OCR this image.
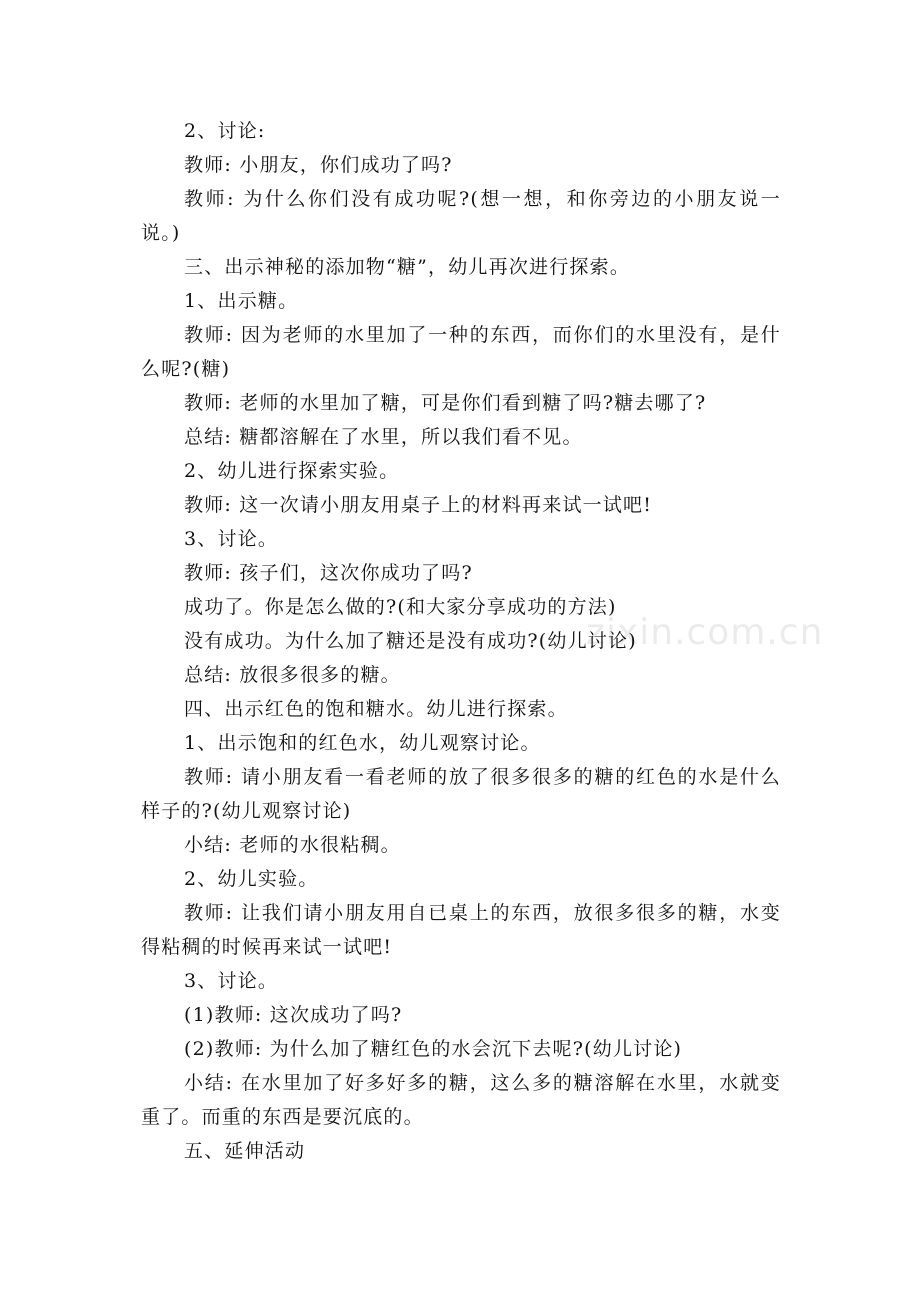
2、讨论:

教师: 小朋友，你们成功了吗?

教师: 为什么你们没有成功呢?(想一想，和你旁边的小朋友说一说。)

三、出示神秘的添加物“糖”，幼儿再次进行探索。

1、出示糖。

教师: 因为老师的水里加了一种的东西，而你们的水里没有，是什么呢?(糖)

教师: 老师的水里加了糖，可是你们看到糖了吗?糖去哪了?

总结: 糖都溶解在了水里，所以我们看不见。

2、幼儿进行探索实验。

教师: 这一次请小朋友用桌子上的材料再来试一试吧!

3、讨论。

教师: 孩子们，这次你成功了吗?

成功了。你是怎么做的?(和大家分享成功的方法)

没有成功。为什么加了糖还是没有成功?(幼儿讨论)

总结: 放很多很多的糖。

四、出示红色的饱和糖水。幼儿进行探索。

1、出示饱和的红色水，幼儿观察讨论。

教师: 请小朋友看一看老师的放了很多很多的糖的红色的水是什么样子的?(幼儿观察讨论)

小结: 老师的水很粘稠。

2、幼儿实验。

教师: 让我们请小朋友用自已桌上的东西，放很多很多的糖，水变得粘稠的时候再来试一试吧!

3、讨论。

(1)教师: 这次成功了吗?

(2)教师: 为什么加了糖红色的水会沉下去呢?(幼儿讨论)

小结: 在水里加了好多好多的糖，这么多的糖溶解在水里，水就变重了。而重的东西是要沉底的。

五、延伸活动

zixin.com.cn
